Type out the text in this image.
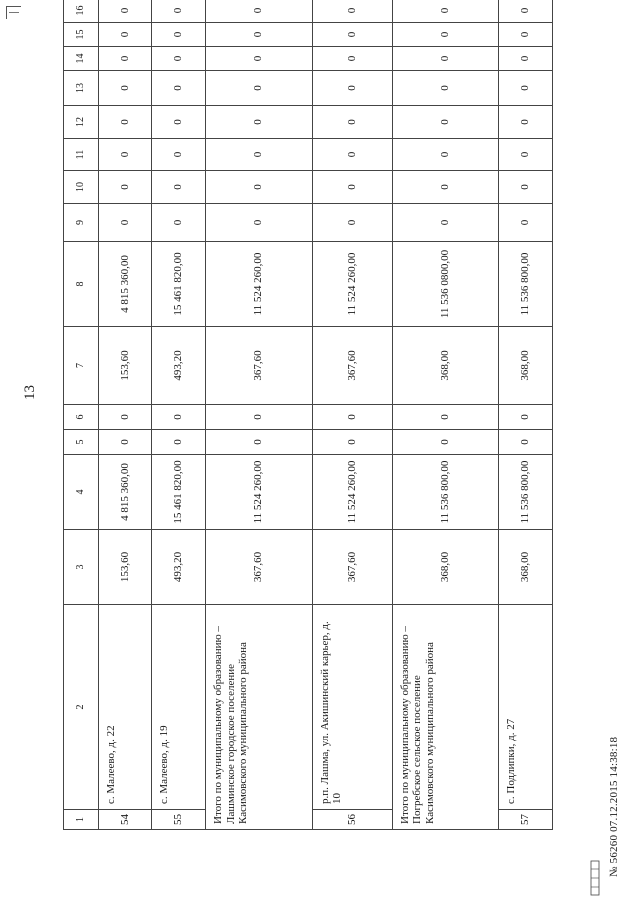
13
1	2	3	4	5	6	7	8	9	10	11	12	13	14	15	16
54	с. Малеево, д. 22	153,60	4 815 360,00	0	0	153,60	4 815 360,00	0	0	0	0	0	0	0	0
55	с. Малеево, д. 19	493,20	15 461 820,00	0	0	493,20	15 461 820,00	0	0	0	0	0	0	0	0
Итого по муниципальному образованию – Лашминское городское поселение Касимовского муниципального района		367,60	11 524 260,00	0	0	367,60	11 524 260,00	0	0	0	0	0	0	0	0
56	р.п. Лашма, ул. Акишинский карьер, д. 10	367,60	11 524 260,00	0	0	367,60	11 524 260,00	0	0	0	0	0	0	0	0
Итого по муниципальному образованию – Погребское сельское поселение Касимовского муниципального района		368,00	11 536 800,00	0	0	368,00	11 536 0800,00	0	0	0	0	0	0	0	0
57	с. Подлипки, д. 27	368,00	11 536 800,00	0	0	368,00	11 536 800,00	0	0	0	0	0	0	0	0
№ 56260 07.12.2015 14:38:18
